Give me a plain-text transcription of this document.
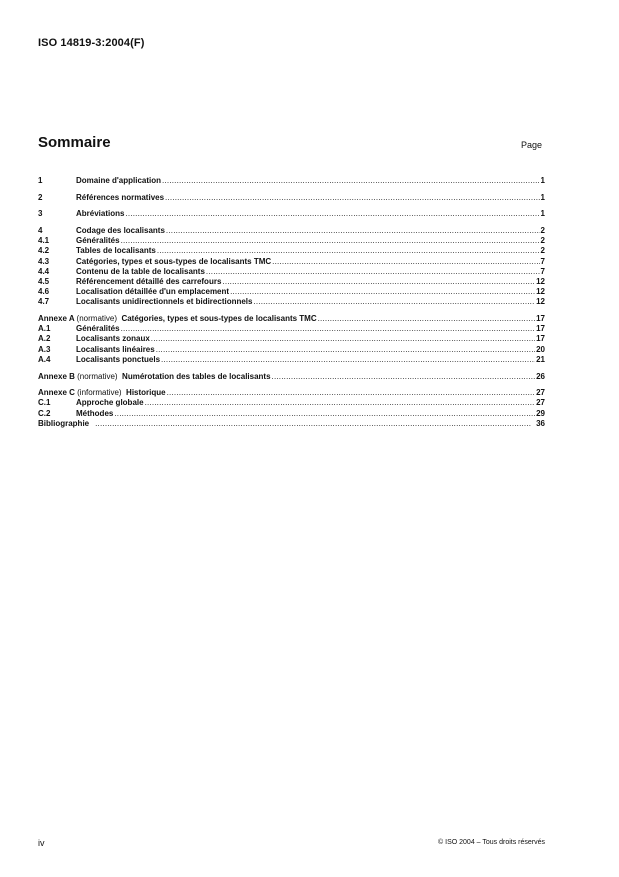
ISO 14819-3:2004(F)
Sommaire	Page
1	Domaine d'application .....	1
2	Références normatives .....	1
3	Abréviations .....	1
4	Codage des localisants .....	2
4.1	Généralités .....	2
4.2	Tables de localisants .....	2
4.3	Catégories, types et sous-types de localisants TMC .....	7
4.4	Contenu de la table de localisants .....	7
4.5	Référencement détaillé des carrefours .....	12
4.6	Localisation détaillée d'un emplacement .....	12
4.7	Localisants unidirectionnels et bidirectionnels .....	12
Annexe A (normative) Catégories, types et sous-types de localisants TMC .....	17
A.1	Généralités .....	17
A.2	Localisants zonaux .....	17
A.3	Localisants linéaires .....	20
A.4	Localisants ponctuels .....	21
Annexe B (normative) Numérotation des tables de localisants .....	26
Annexe C (informative) Historique .....	27
C.1	Approche globale .....	27
C.2	Méthodes .....	29
Bibliographie .....	36
iv	© ISO 2004 – Tous droits réservés
